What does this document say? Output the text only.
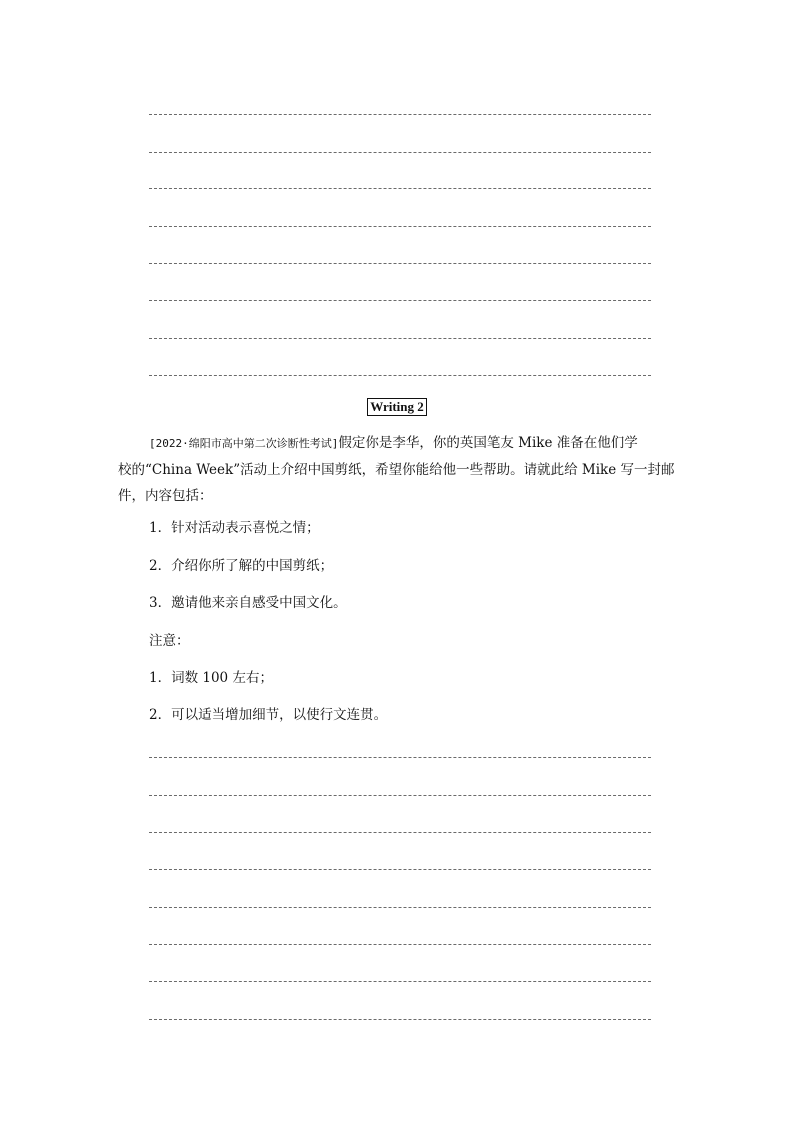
Writing 2
[2022·绵阳市高中第二次诊断性考试]假定你是李华，你的英国笔友 Mike 准备在他们学
校的“China Week”活动上介绍中国剪纸，希望你能给他一些帮助。请就此给 Mike 写一封邮
件，内容包括：
1．针对活动表示喜悦之情；
2．介绍你所了解的中国剪纸；
3．邀请他来亲自感受中国文化。
注意：
1．词数 100 左右；
2．可以适当增加细节，以使行文连贯。
